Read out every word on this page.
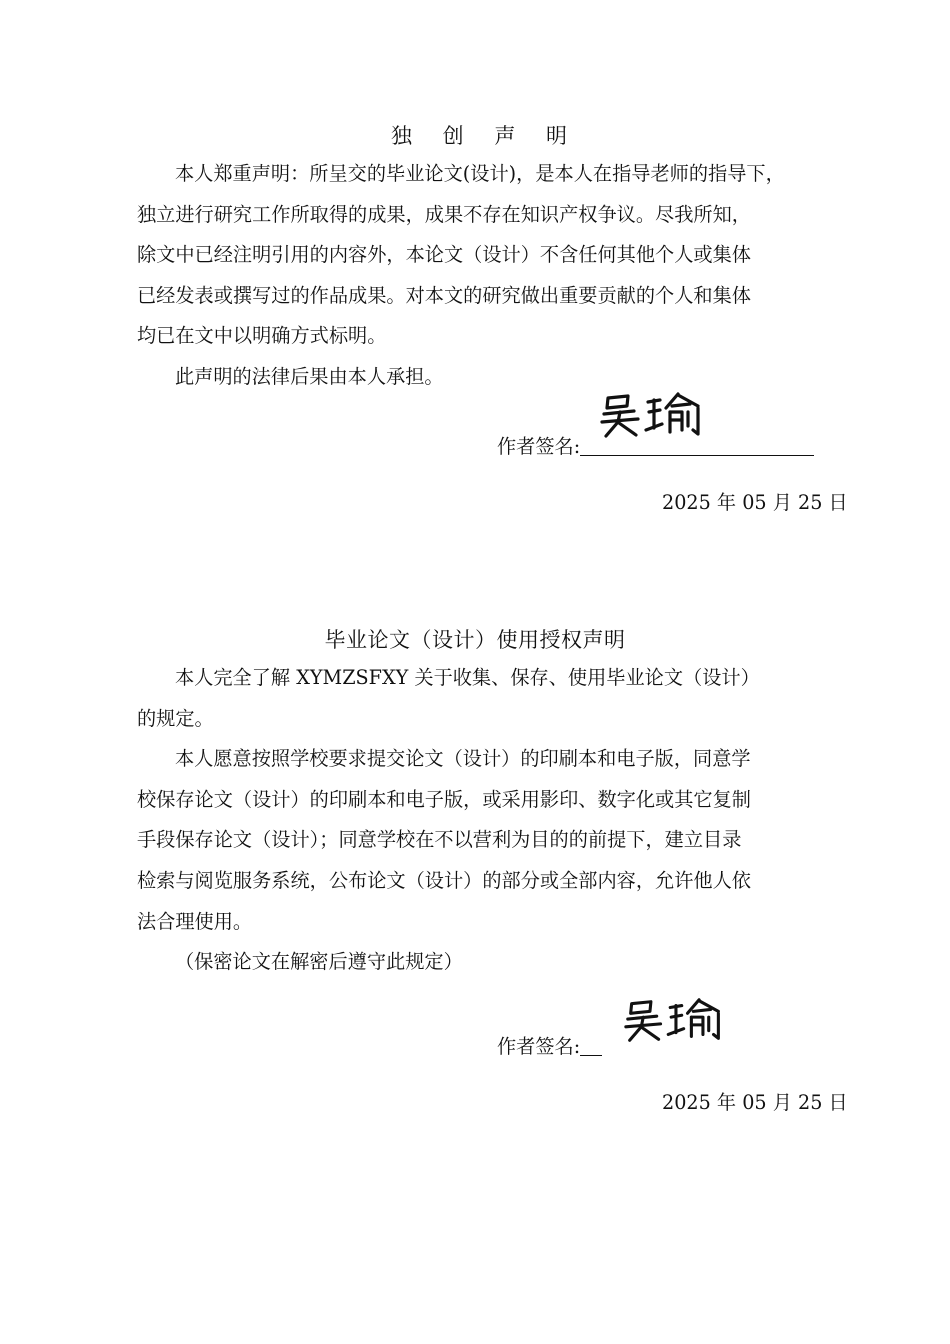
独 创 声 明
本人郑重声明：所呈交的毕业论文(设计)，是本人在指导老师的指导下，
独立进行研究工作所取得的成果，成果不存在知识产权争议。尽我所知，
除文中已经注明引用的内容外，本论文（设计）不含任何其他个人或集体
已经发表或撰写过的作品成果。对本文的研究做出重要贡献的个人和集体
均已在文中以明确方式标明。
此声明的法律后果由本人承担。
作者签名:
2025 年 05 月 25 日
毕业论文（设计）使用授权声明
本人完全了解 XYMZSFXY 关于收集、保存、使用毕业论文（设计）
的规定。
本人愿意按照学校要求提交论文（设计）的印刷本和电子版，同意学
校保存论文（设计）的印刷本和电子版，或采用影印、数字化或其它复制
手段保存论文（设计）；同意学校在不以营利为目的的前提下，建立目录
检索与阅览服务系统，公布论文（设计）的部分或全部内容，允许他人依
法合理使用。
（保密论文在解密后遵守此规定）
作者签名:
2025 年 05 月 25 日
